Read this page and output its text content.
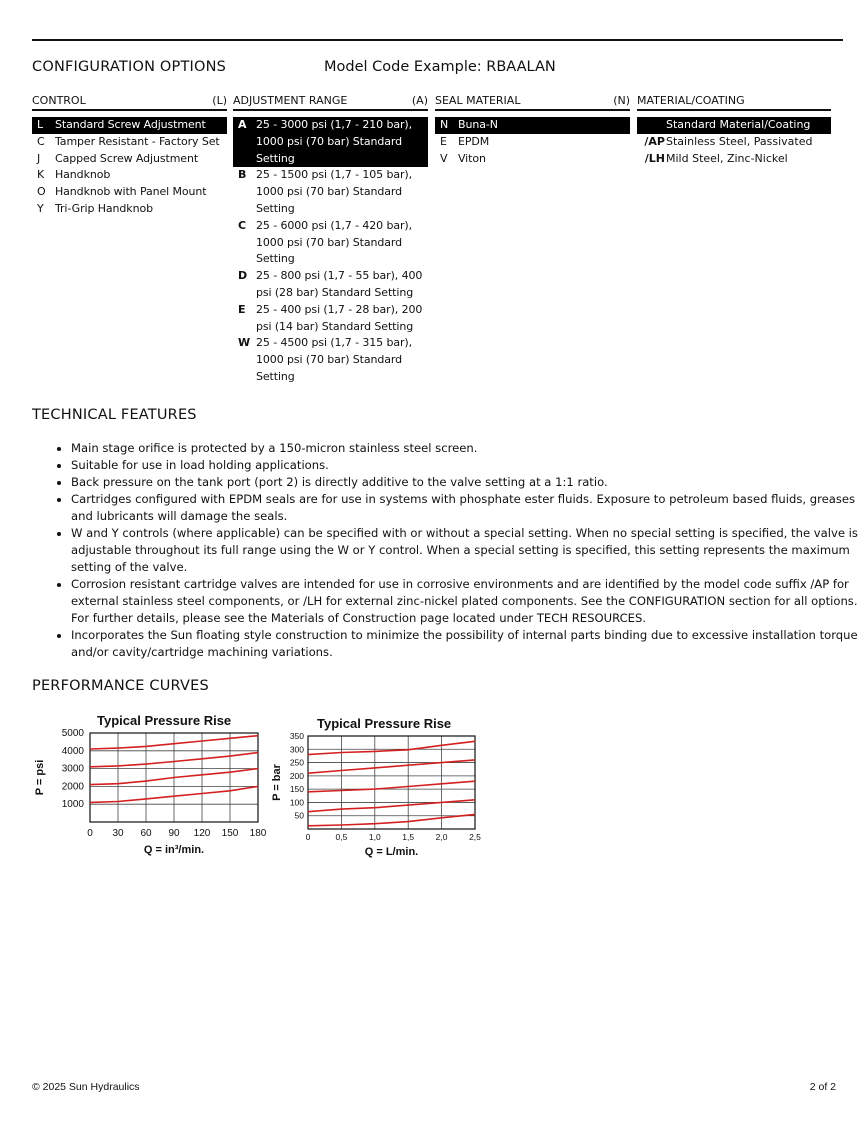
CONFIGURATION OPTIONS	Model Code Example: RBAALAN
CONTROL	(L)
L	Standard Screw Adjustment
C Tamper Resistant - Factory Set
J	Capped Screw Adjustment
K Handknob
O Handknob with Panel Mount
Y	Tri-Grip Handknob
ADJUSTMENT RANGE	(A)
A 25 - 3000 psi (1,7 - 210 bar),
1000 psi (70 bar) Standard
Setting
B 25 - 1500 psi (1,7 - 105 bar),
1000 psi (70 bar) Standard
Setting
C 25 - 6000 psi (1,7 - 420 bar),
1000 psi (70 bar) Standard
Setting
D 25 - 800 psi (1,7 - 55 bar), 400
psi (28 bar) Standard Setting
E 25 - 400 psi (1,7 - 28 bar), 200
psi (14 bar) Standard Setting
W 25 - 4500 psi (1,7 - 315 bar),
1000 psi (70 bar) Standard
Setting
SEAL MATERIAL	(N)
N Buna-N
E	EPDM
V Viton
MATERIAL/COATING
Standard Material/Coating
/AP Stainless Steel, Passivated
/LH Mild Steel, Zinc-Nickel
TECHNICAL FEATURES
• Main stage orifice is protected by a 150-micron stainless steel screen.
• Suitable for use in load holding applications.
• Back pressure on the tank port (port 2) is directly additive to the valve setting at a 1:1 ratio.
• Cartridges configured with EPDM seals are for use in systems with phosphate ester fluids. Exposure to petroleum based fluids, greases and lubricants will damage the seals.
• W and Y controls (where applicable) can be specified with or without a special setting. When no special setting is specified, the valve is adjustable throughout its full range using the W or Y control. When a special setting is specified, this setting represents the maximum setting of the valve.
• Corrosion resistant cartridge valves are intended for use in corrosive environments and are identified by the model code suffix /AP for external stainless steel components, or /LH for external zinc-nickel plated components. See the CONFIGURATION section for all options. For further details, please see the Materials of Construction page located under TECH RESOURCES.
• Incorporates the Sun floating style construction to minimize the possibility of internal parts binding due to excessive installation torque and/or cavity/cartridge machining variations.
PERFORMANCE CURVES
Typical Pressure Rise
1000
2000
3000
4000
5000
0 30 60 90 120 150 180
Q = in³/min.
P = psi
Typical Pressure Rise
50
100
150
200
250
300
350
0	0,5	1,0	1,5	2,0	2,5
Q = L/min.
P = bar
© 2025 Sun Hydraulics	2 of 2
